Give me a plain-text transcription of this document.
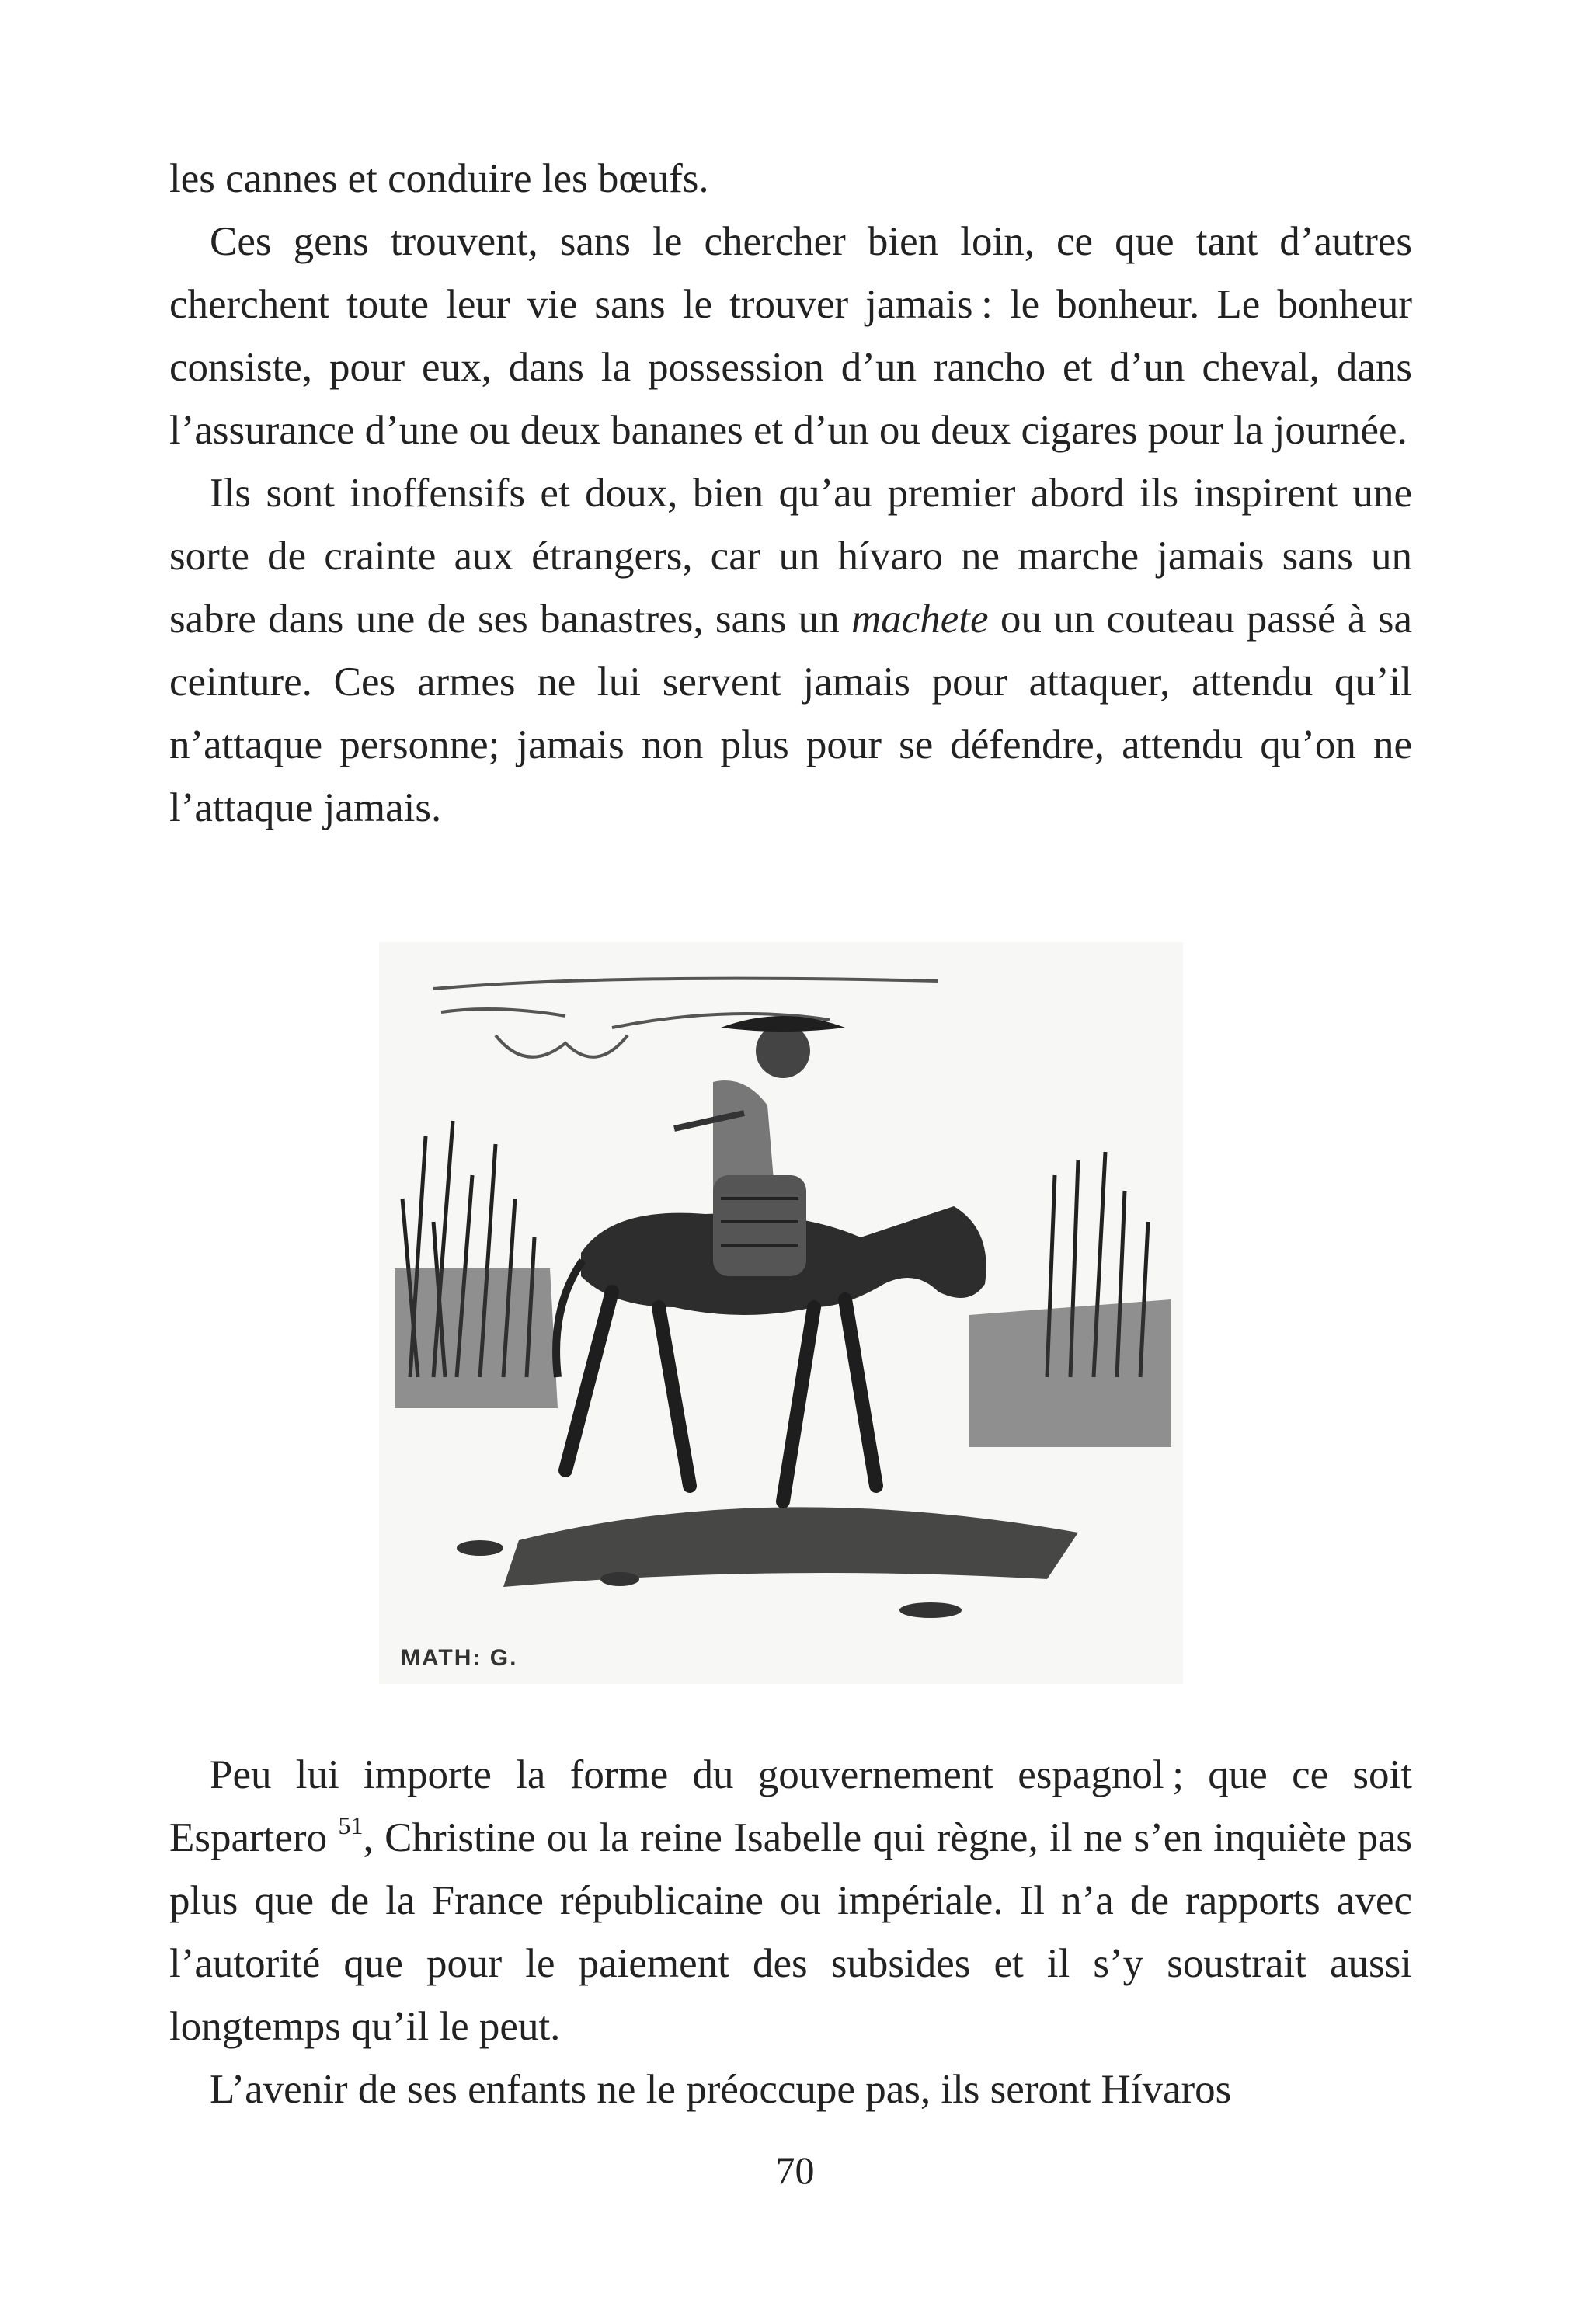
les cannes et conduire les bœufs.

Ces gens trouvent, sans le chercher bien loin, ce que tant d’autres cherchent toute leur vie sans le trouver jamais : le bonheur. Le bonheur consiste, pour eux, dans la possession d’un rancho et d’un cheval, dans l’assurance d’une ou deux bananes et d’un ou deux cigares pour la journée.

Ils sont inoffensifs et doux, bien qu’au premier abord ils inspirent une sorte de crainte aux étrangers, car un hívaro ne marche jamais sans un sabre dans une de ses banastres, sans un machete ou un couteau passé à sa ceinture. Ces armes ne lui servent jamais pour attaquer, attendu qu’il n’attaque personne; jamais non plus pour se défendre, attendu qu’on ne l’attaque jamais.

MATH: G.

Peu lui importe la forme du gouvernement espagnol ; que ce soit Espartero $^{51}$, Christine ou la reine Isabelle qui règne, il ne s’en inquiète pas plus que de la France républicaine ou impériale. Il n’a de rapports avec l’autorité que pour le paiement des subsides et il s’y soustrait aussi longtemps qu’il le peut.

L’avenir de ses enfants ne le préoccupe pas, ils seront Hívaros

70
